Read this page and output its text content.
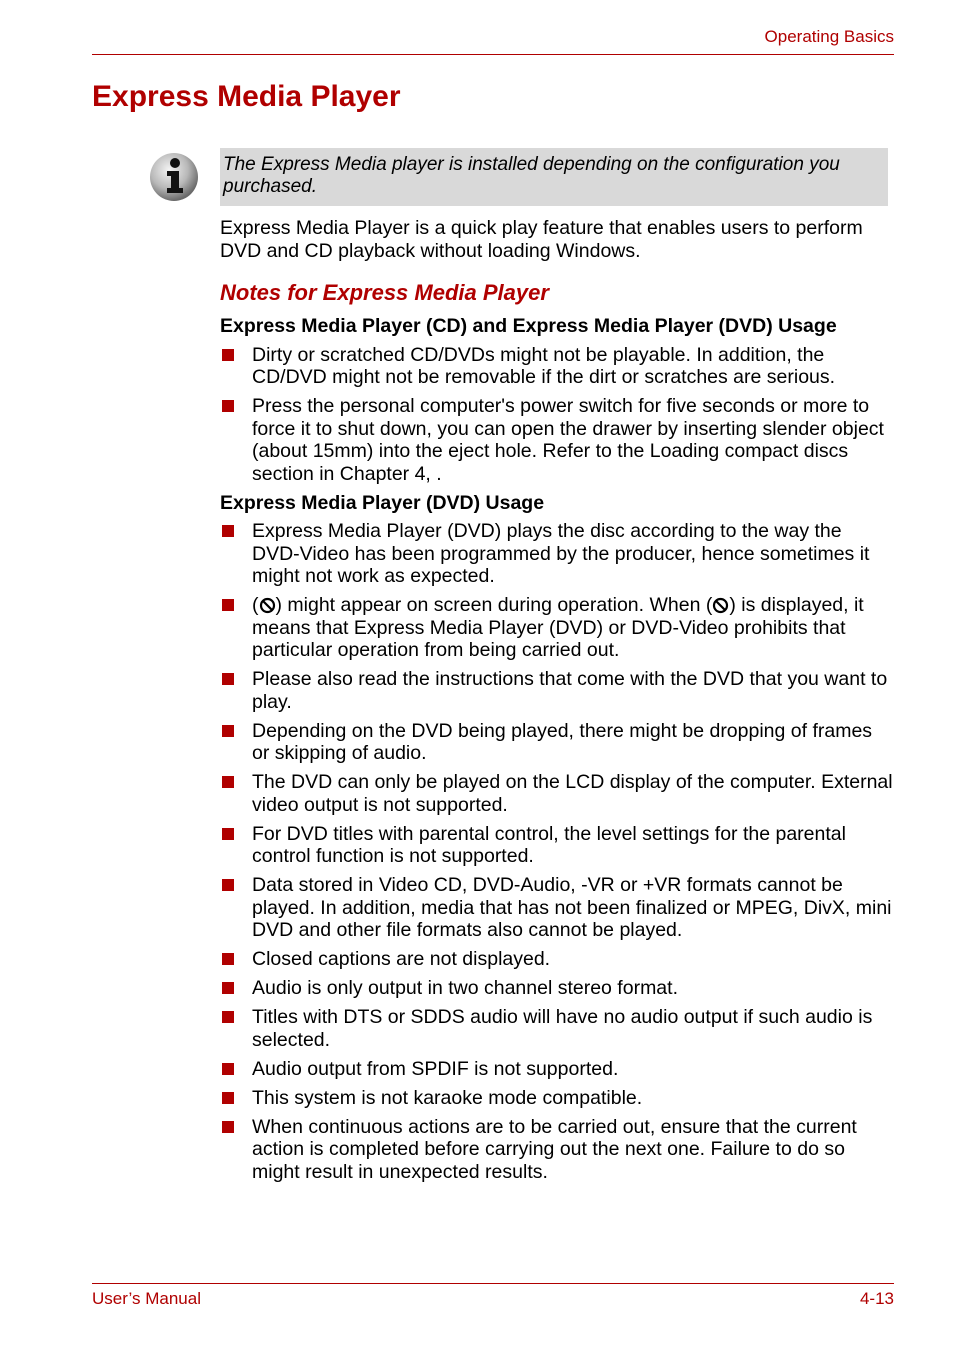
Operating Basics
Express Media Player
The Express Media player is installed depending on the configuration you purchased.

Express Media Player is a quick play feature that enables users to perform DVD and CD playback without loading Windows.

Notes for Express Media Player
Express Media Player (CD) and Express Media Player (DVD) Usage
Dirty or scratched CD/DVDs might not be playable. In addition, the CD/DVD might not be removable if the dirt or scratches are serious.
Press the personal computer's power switch for five seconds or more to force it to shut down, you can open the drawer by inserting slender object (about 15mm) into the eject hole. Refer to the Loading compact discs section in Chapter 4, .
Express Media Player (DVD) Usage
Express Media Player (DVD) plays the disc according to the way the DVD-Video has been programmed by the producer, hence sometimes it might not work as expected.
( ) might appear on screen during operation. When ( ) is displayed, it means that Express Media Player (DVD) or DVD-Video prohibits that particular operation from being carried out.
Please also read the instructions that come with the DVD that you want to play.
Depending on the DVD being played, there might be dropping of frames or skipping of audio.
The DVD can only be played on the LCD display of the computer. External video output is not supported.
For DVD titles with parental control, the level settings for the parental control function is not supported.
Data stored in Video CD, DVD-Audio, -VR or +VR formats cannot be played. In addition, media that has not been finalized or MPEG, DivX, mini DVD and other file formats also cannot be played.
Closed captions are not displayed.
Audio is only output in two channel stereo format.
Titles with DTS or SDDS audio will have no audio output if such audio is selected.
Audio output from SPDIF is not supported.
This system is not karaoke mode compatible.
When continuous actions are to be carried out, ensure that the current action is completed before carrying out the next one. Failure to do so might result in unexpected results.
User’s Manual	4-13
